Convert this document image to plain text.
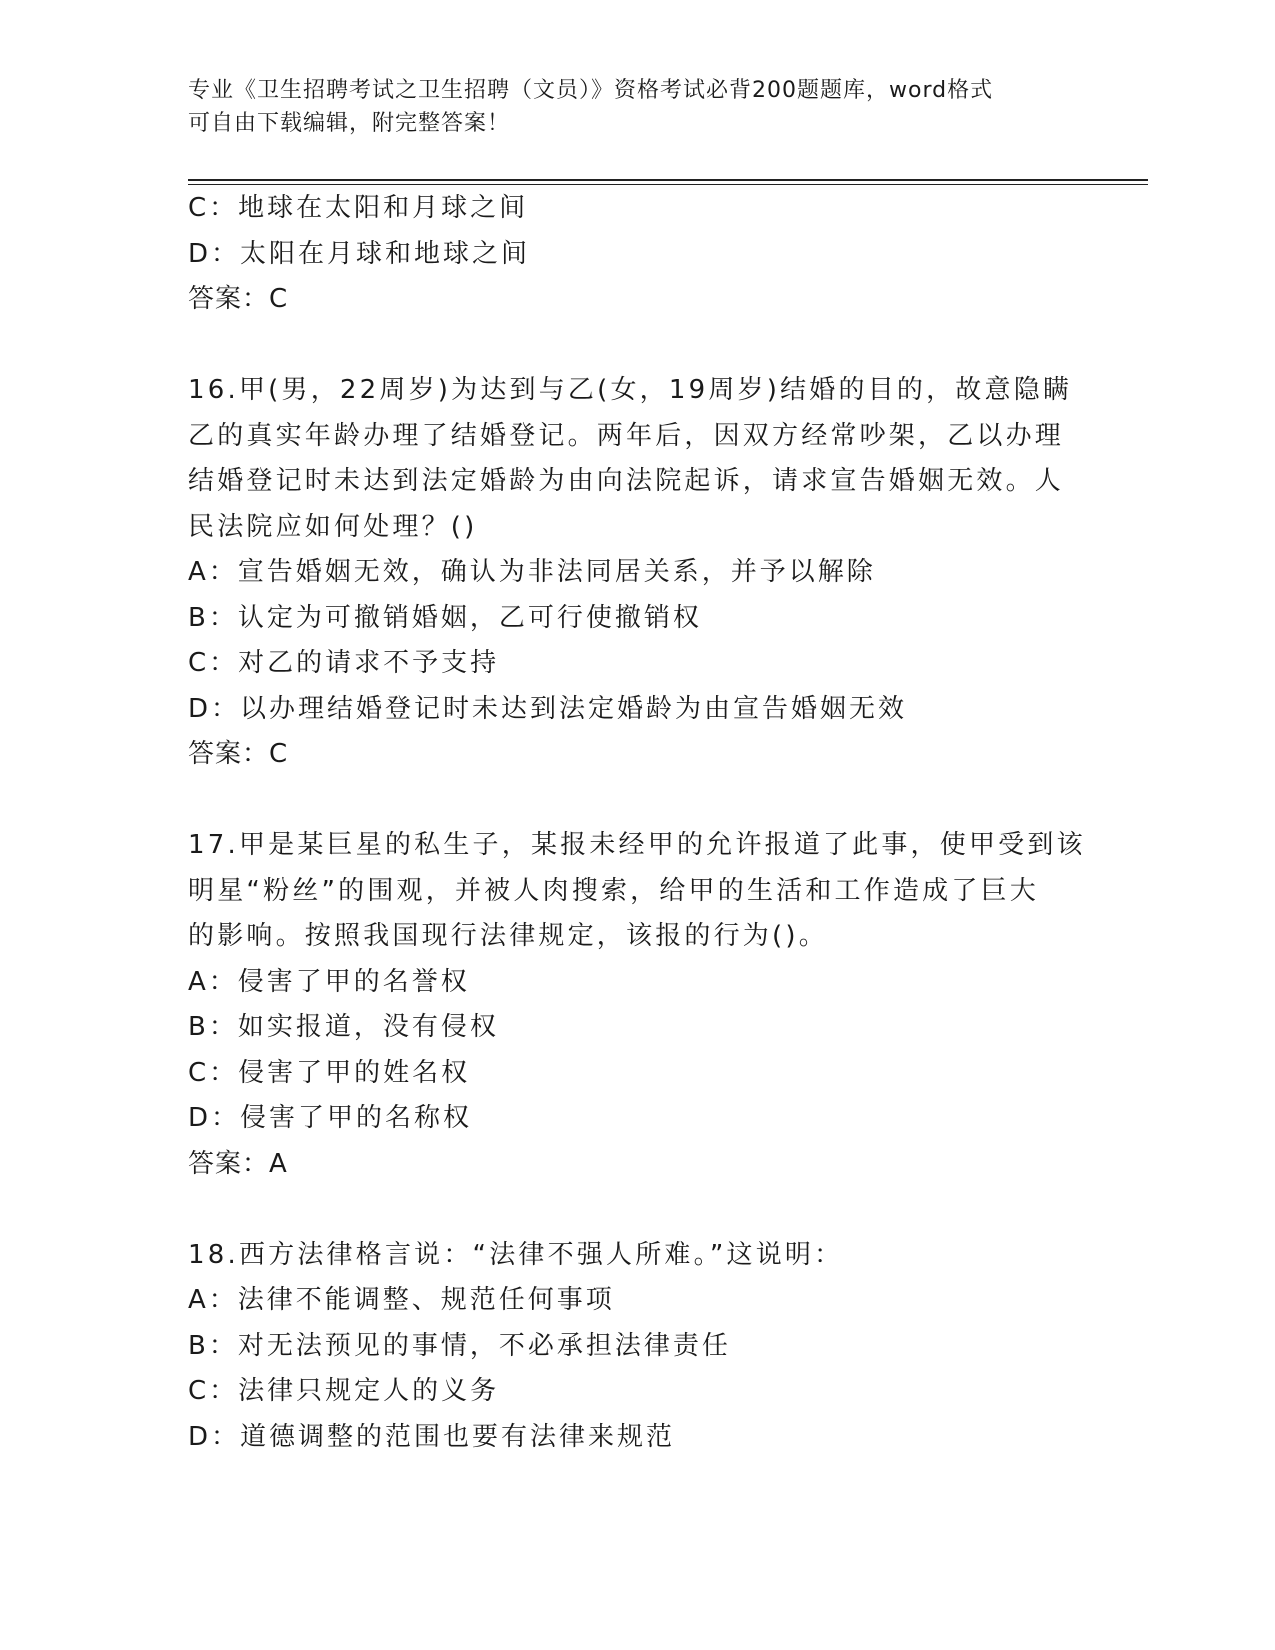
专业《卫生招聘考试之卫生招聘（文员）》资格考试必背200题题库，word格式
可自由下载编辑，附完整答案！
C：地球在太阳和月球之间
D：太阳在月球和地球之间
答案：C
16.甲(男，22周岁)为达到与乙(女，19周岁)结婚的目的，故意隐瞒
乙的真实年龄办理了结婚登记。两年后，因双方经常吵架，乙以办理
结婚登记时未达到法定婚龄为由向法院起诉，请求宣告婚姻无效。人
民法院应如何处理？()
A：宣告婚姻无效，确认为非法同居关系，并予以解除
B：认定为可撤销婚姻，乙可行使撤销权
C：对乙的请求不予支持
D：以办理结婚登记时未达到法定婚龄为由宣告婚姻无效
答案：C
17.甲是某巨星的私生子，某报未经甲的允许报道了此事，使甲受到该
明星“粉丝”的围观，并被人肉搜索，给甲的生活和工作造成了巨大
的影响。按照我国现行法律规定，该报的行为()。
A：侵害了甲的名誉权
B：如实报道，没有侵权
C：侵害了甲的姓名权
D：侵害了甲的名称权
答案：A
18.西方法律格言说：“法律不强人所难。”这说明：
A：法律不能调整、规范任何事项
B：对无法预见的事情，不必承担法律责任
C：法律只规定人的义务
D：道德调整的范围也要有法律来规范
